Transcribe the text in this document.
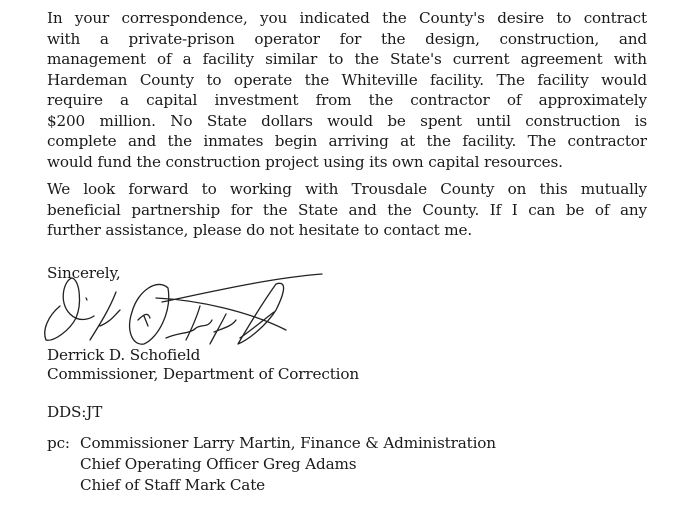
In your correspondence, you indicated the County's desire to contract
with a private-prison operator for the design, construction, and
management of a facility similar to the State's current agreement with
Hardeman County to operate the Whiteville facility. The facility would
require a capital investment from the contractor of approximately
$200 million. No State dollars would be spent until construction is
complete and the inmates begin arriving at the facility. The contractor
would fund the construction project using its own capital resources.
We look forward to working with Trousdale County on this mutually
beneficial partnership for the State and the County. If I can be of any
further assistance, please do not hesitate to contact me.
Sincerely,
Derrick D. Schofield
Commissioner, Department of Correction
DDS:JT
pc: Commissioner Larry Martin, Finance & Administration
Chief Operating Officer Greg Adams
Chief of Staff Mark Cate
